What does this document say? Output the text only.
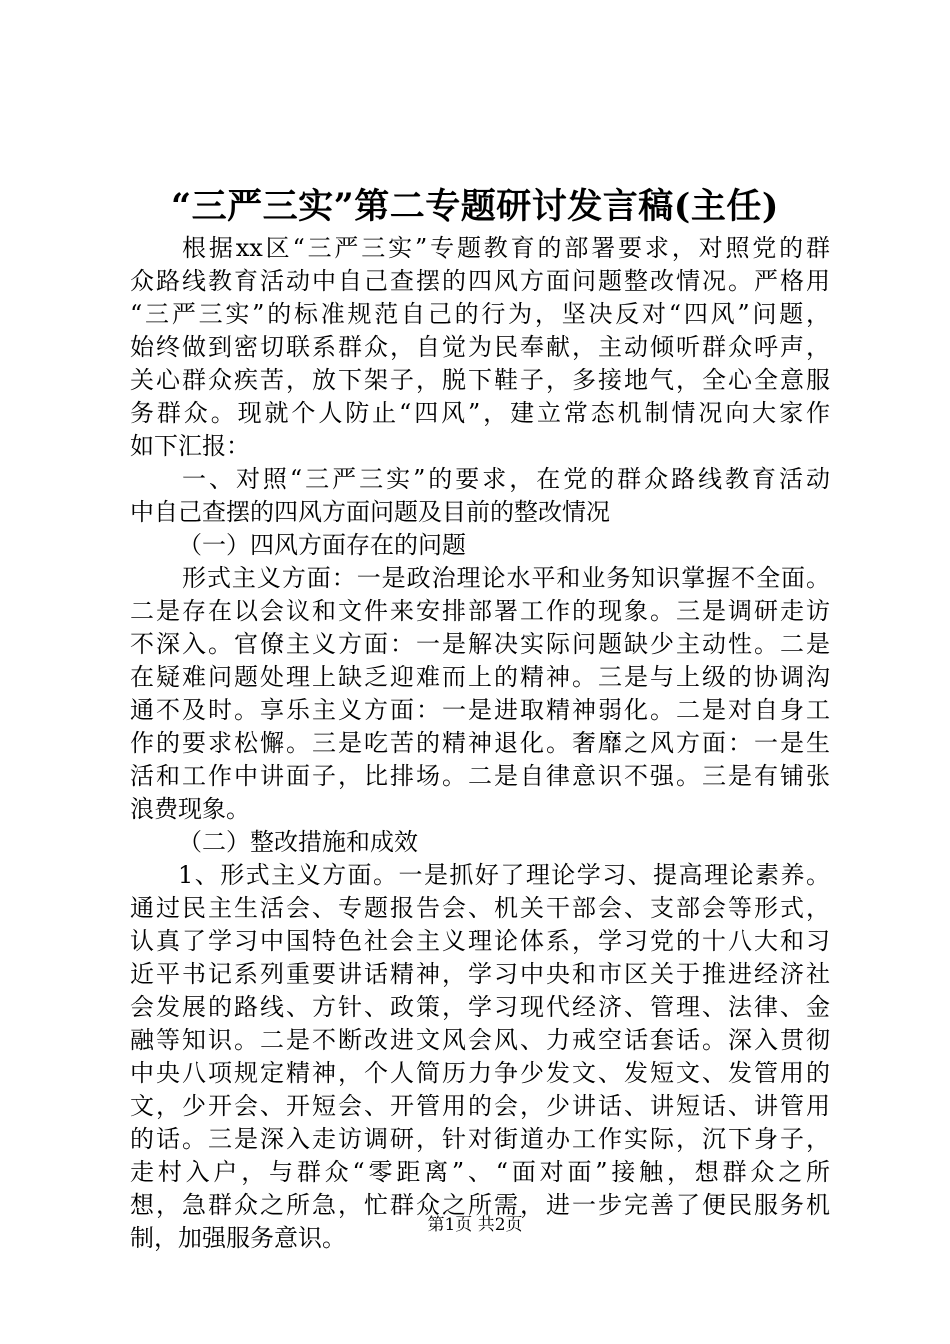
“三严三实”第二专题研讨发言稿(主任)
根据xx区“三严三实”专题教育的部署要求，对照党的群
众路线教育活动中自己查摆的四风方面问题整改情况。严格用
“三严三实”的标准规范自己的行为，坚决反对“四风”问题，
始终做到密切联系群众，自觉为民奉献，主动倾听群众呼声，
关心群众疾苦，放下架子，脱下鞋子，多接地气，全心全意服
务群众。现就个人防止“四风”，建立常态机制情况向大家作
如下汇报：
一、对照“三严三实”的要求，在党的群众路线教育活动
中自己查摆的四风方面问题及目前的整改情况
（一）四风方面存在的问题
形式主义方面：一是政治理论水平和业务知识掌握不全面。
二是存在以会议和文件来安排部署工作的现象。三是调研走访
不深入。官僚主义方面：一是解决实际问题缺少主动性。二是
在疑难问题处理上缺乏迎难而上的精神。三是与上级的协调沟
通不及时。享乐主义方面：一是进取精神弱化。二是对自身工
作的要求松懈。三是吃苦的精神退化。奢靡之风方面：一是生
活和工作中讲面子，比排场。二是自律意识不强。三是有铺张
浪费现象。
（二）整改措施和成效
1、形式主义方面。一是抓好了理论学习、提高理论素养。
通过民主生活会、专题报告会、机关干部会、支部会等形式，
认真了学习中国特色社会主义理论体系，学习党的十八大和习
近平书记系列重要讲话精神，学习中央和市区关于推进经济社
会发展的路线、方针、政策，学习现代经济、管理、法律、金
融等知识。二是不断改进文风会风、力戒空话套话。深入贯彻
中央八项规定精神，个人简历力争少发文、发短文、发管用的
文，少开会、开短会、开管用的会，少讲话、讲短话、讲管用
的话。三是深入走访调研，针对街道办工作实际，沉下身子，
走村入户，与群众“零距离”、“面对面”接触，想群众之所
想，急群众之所急，忙群众之所需，进一步完善了便民服务机
制，加强服务意识。	第1页 共2页
